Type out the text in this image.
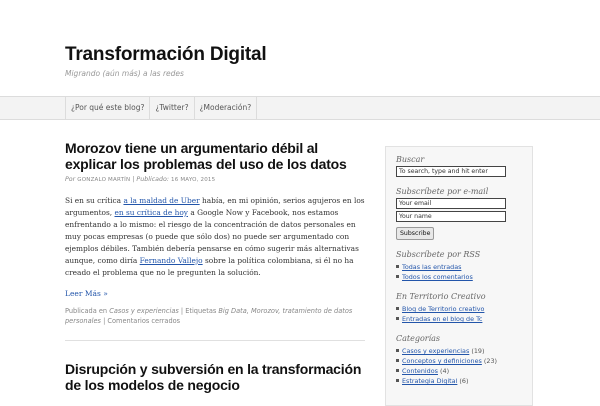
Transformación Digital
Migrando (aún más) a las redes
¿Por qué este blog?	¿Twitter?	¿Moderación?
Morozov tiene un argumentario débil al explicar los problemas del uso de los datos
Por GONZALO MARTÍN | Publicado: 16 MAYO, 2015
Si en su crítica a la maldad de Uber había, en mi opinión, serios agujeros en los argumentos, en su crítica de hoy a Google Now y Facebook, nos estamos enfrentando a lo mismo: el riesgo de la concentración de datos personales en muy pocas empresas (o puede que sólo dos) no puede ser argumentado con ejemplos débiles. También debería pensarse en cómo sugerir más alternativas aunque, como diría Fernando Vallejo sobre la política colombiana, si él no ha creado el problema que no le pregunten la solución.
Leer Más »
Publicada en Casos y experiencias | Etiquetas Big Data, Morozov, tratamiento de datos personales | Comentarios cerrados
Disrupción y subversión en la transformación de los modelos de negocio

Buscar

To search, type and hit enter

Subscríbete por e-mail

Your email
Your name
Subscribe

Subscríbete por RSS

Todas las entradas
Todos los comentarios

En Territorio Creativo

Blog de Territorio creativo
Entradas en el blog de Tc

Categorías

Casos y experiencias (19)
Conceptos y definiciones (23)
Contenidos (4)
Estrategia Digital (6)
